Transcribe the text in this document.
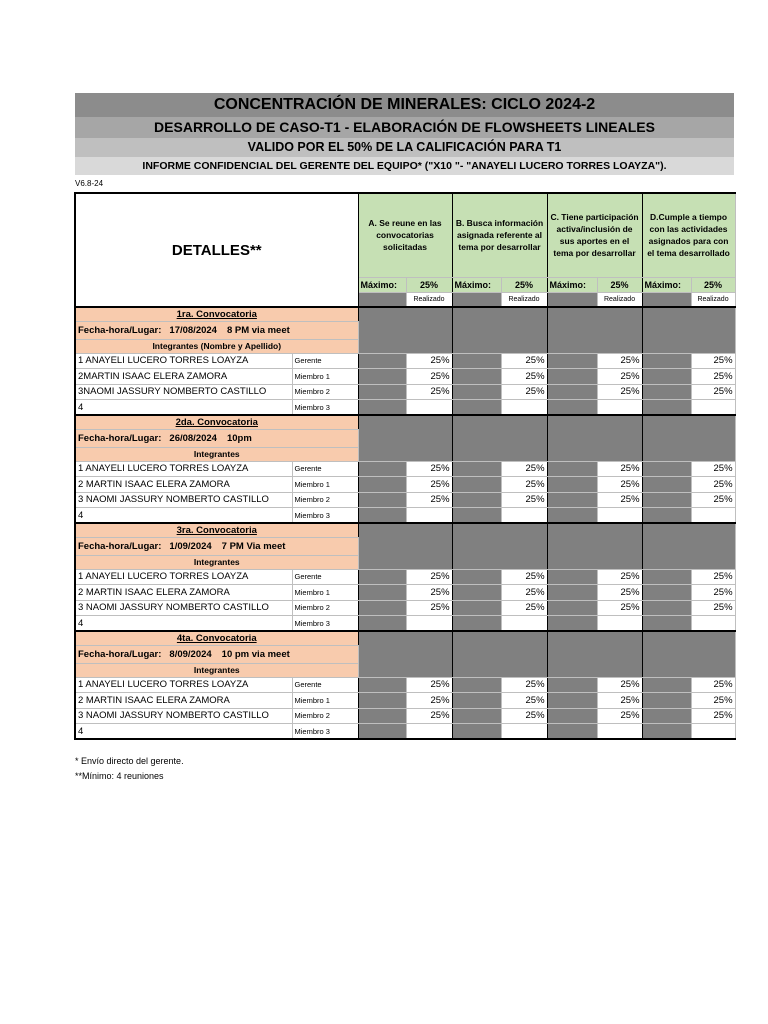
CONCENTRACIÓN DE MINERALES: CICLO 2024-2
DESARROLLO DE CASO-T1 - ELABORACIÓN DE FLOWSHEETS LINEALES
VALIDO POR EL 50% DE LA CALIFICACIÓN PARA T1
INFORME CONFIDENCIAL DEL GERENTE DEL EQUIPO* ("X10 "- "ANAYELI LUCERO TORRES LOAYZA").
V6.8-24
DETALLES**		A. Se reune en las convocatorias solicitadas		B. Busca información asignada referente al tema por desarrollar		C. Tiene participación activa/inclusión de sus aportes en el tema por desarrollar		D.Cumple a tiempo con las actividades asignados para con el tema desarrollado	
		Máximo:	25%	Máximo:	25%	Máximo:	25%	Máximo:	25%
			Realizado		Realizado		Realizado		Realizado
1ra. Convocatoria									
Fecha-hora/Lugar: 17/08/2024 8 PM via meet									
Integrantes (Nombre y Apellido)									
1 ANAYELI LUCERO TORRES LOAYZA	Gerente		25%		25%		25%		25%
2MARTIN ISAAC ELERA ZAMORA	Miembro 1		25%		25%		25%		25%
3NAOMI JASSURY NOMBERTO CASTILLO	Miembro 2		25%		25%		25%		25%
4	Miembro 3								
2da. Convocatoria									
Fecha-hora/Lugar: 26/08/2024 10pm									
Integrantes									
1 ANAYELI LUCERO TORRES LOAYZA	Gerente		25%		25%		25%		25%
2 MARTIN ISAAC ELERA ZAMORA	Miembro 1		25%		25%		25%		25%
3 NAOMI JASSURY NOMBERTO CASTILLO	Miembro 2		25%		25%		25%		25%
4	Miembro 3								
3ra. Convocatoria									
Fecha-hora/Lugar: 1/09/2024 7 PM Via meet									
Integrantes									
1 ANAYELI LUCERO TORRES LOAYZA	Gerente		25%		25%		25%		25%
2 MARTIN ISAAC ELERA ZAMORA	Miembro 1		25%		25%		25%		25%
3 NAOMI JASSURY NOMBERTO CASTILLO	Miembro 2		25%		25%		25%		25%
4	Miembro 3								
4ta. Convocatoria									
Fecha-hora/Lugar: 8/09/2024 10 pm via meet									
Integrantes									
1 ANAYELI LUCERO TORRES LOAYZA	Gerente		25%		25%		25%		25%
2 MARTIN ISAAC ELERA ZAMORA	Miembro 1		25%		25%		25%		25%
3 NAOMI JASSURY NOMBERTO CASTILLO	Miembro 2		25%		25%		25%		25%
4	Miembro 3								
* Envío directo del gerente.
**Mínimo: 4 reuniones
